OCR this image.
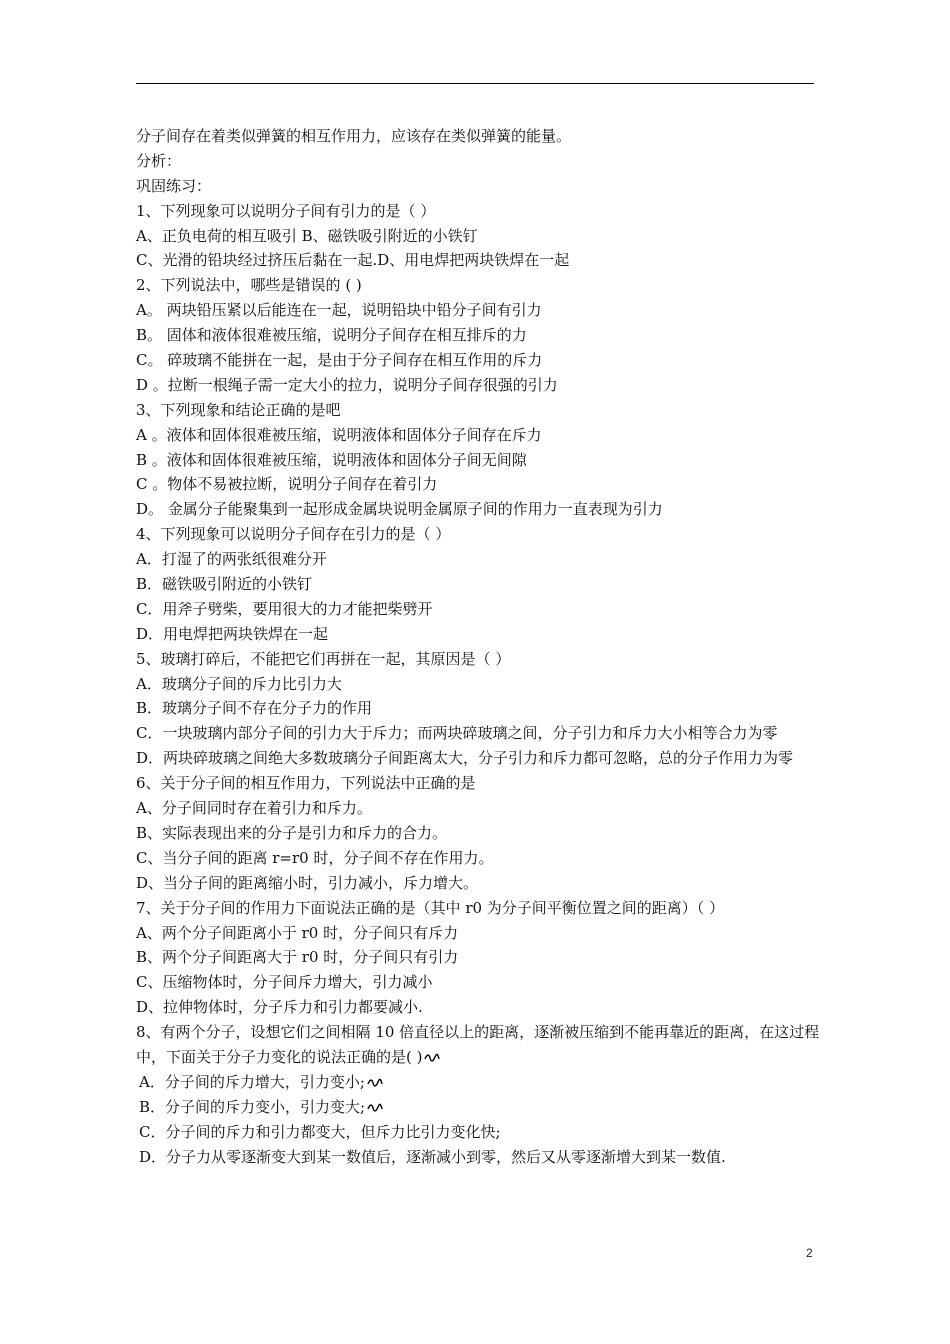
分子间存在着类似弹簧的相互作用力，应该存在类似弹簧的能量。
分析：
巩固练习：
1、下列现象可以说明分子间有引力的是（ ）
A、正负电荷的相互吸引 B、磁铁吸引附近的小铁钉
C、光滑的铅块经过挤压后黏在一起.D、用电焊把两块铁焊在一起
2、下列说法中，哪些是错误的 ( )
A。 两块铅压紧以后能连在一起，说明铅块中铅分子间有引力
B。 固体和液体很难被压缩，说明分子间存在相互排斥的力
C。 碎玻璃不能拼在一起，是由于分子间存在相互作用的斥力
D 。拉断一根绳子需一定大小的拉力，说明分子间存很强的引力
3、下列现象和结论正确的是吧
A 。液体和固体很难被压缩，说明液体和固体分子间存在斥力
B 。液体和固体很难被压缩，说明液体和固体分子间无间隙
C 。物体不易被拉断，说明分子间存在着引力
D。 金属分子能聚集到一起形成金属块说明金属原子间的作用力一直表现为引力
4、下列现象可以说明分子间存在引力的是（ ）
A．打湿了的两张纸很难分开
B．磁铁吸引附近的小铁钉
C．用斧子劈柴，要用很大的力才能把柴劈开
D．用电焊把两块铁焊在一起
5、玻璃打碎后，不能把它们再拼在一起，其原因是（ ）
A．玻璃分子间的斥力比引力大
B．玻璃分子间不存在分子力的作用
C．一块玻璃内部分子间的引力大于斥力；而两块碎玻璃之间，分子引力和斥力大小相等合力为零
D．两块碎玻璃之间绝大多数玻璃分子间距离太大，分子引力和斥力都可忽略，总的分子作用力为零
6、关于分子间的相互作用力，下列说法中正确的是
A、分子间同时存在着引力和斥力。
B、实际表现出来的分子是引力和斥力的合力。
C、当分子间的距离 r=r0 时，分子间不存在作用力。
D、当分子间的距离缩小时，引力减小，斥力增大。
7、关于分子间的作用力下面说法正确的是（其中 r0 为分子间平衡位置之间的距离）（ ）
A、两个分子间距离小于 r0 时，分子间只有斥力
B、两个分子间距离大于 r0 时，分子间只有引力
C、压缩物体时，分子间斥力增大，引力减小
D、拉伸物体时，分子斥力和引力都要减小.
8、有两个分子，设想它们之间相隔 10 倍直径以上的距离，逐渐被压缩到不能再靠近的距离，在这过程中，下面关于分子力变化的说法正确的是( )
A．分子间的斥力增大，引力变小;
B．分子间的斥力变小，引力变大;
C．分子间的斥力和引力都变大，但斥力比引力变化快;
D．分子力从零逐渐变大到某一数值后，逐渐减小到零，然后又从零逐渐增大到某一数值.
2
